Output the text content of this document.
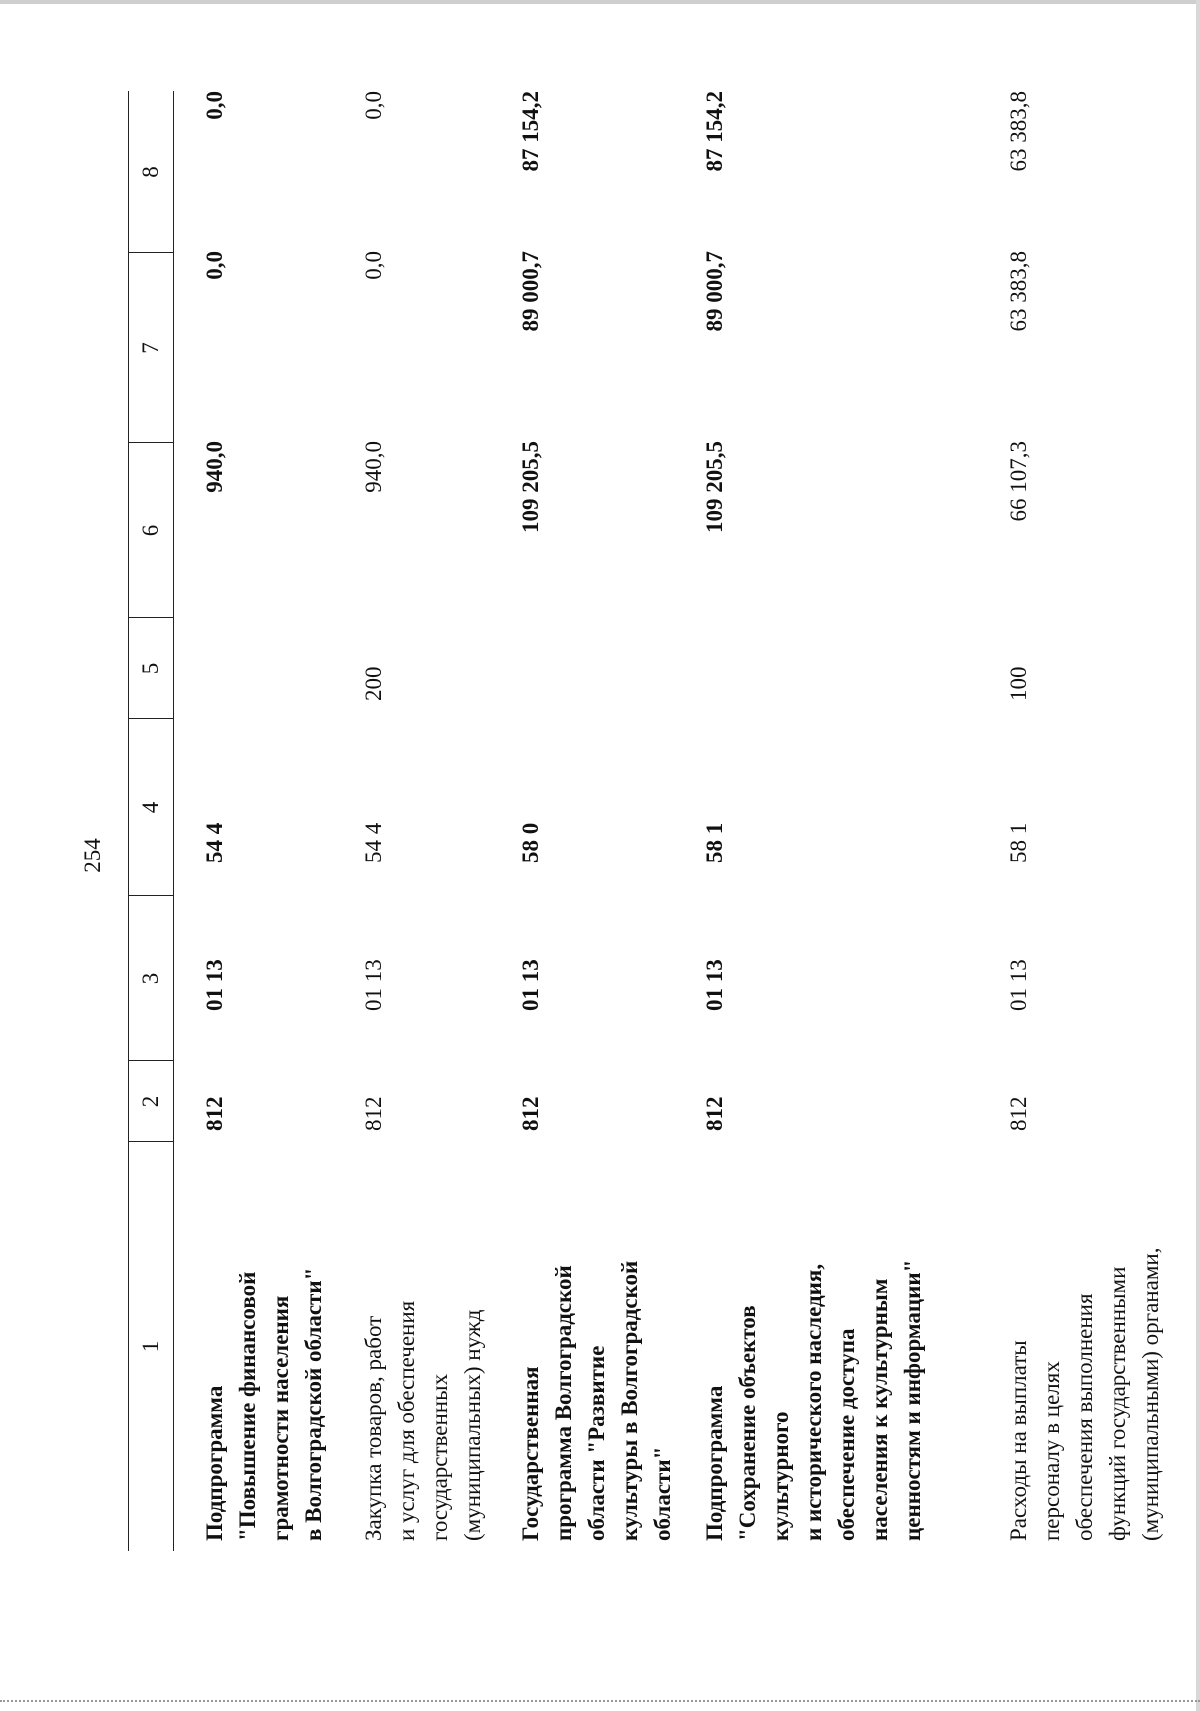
254
1
2
3
4
5
6
7
8
Подпрограмма "Повышение финансовой грамотности населения в Волгоградской области"
812
01 13
54 4
940,0
0,0
0,0
Закупка товаров, работ и услуг для обеспечения государственных (муниципальных) нужд
812
01 13
54 4
200
940,0
0,0
0,0
Государственная программа Волгоградской области "Развитие культуры в Волгоградской области"
812
01 13
58 0
109 205,5
89 000,7
87 154,2
Подпрограмма "Сохранение объектов культурного и исторического наследия, обеспечение доступа населения к культурным ценностям и информации"
812
01 13
58 1
109 205,5
89 000,7
87 154,2
Расходы на выплаты персоналу в целях обеспечения выполнения функций государственными (муниципальными) органами,
812
01 13
58 1
100
66 107,3
63 383,8
63 383,8
